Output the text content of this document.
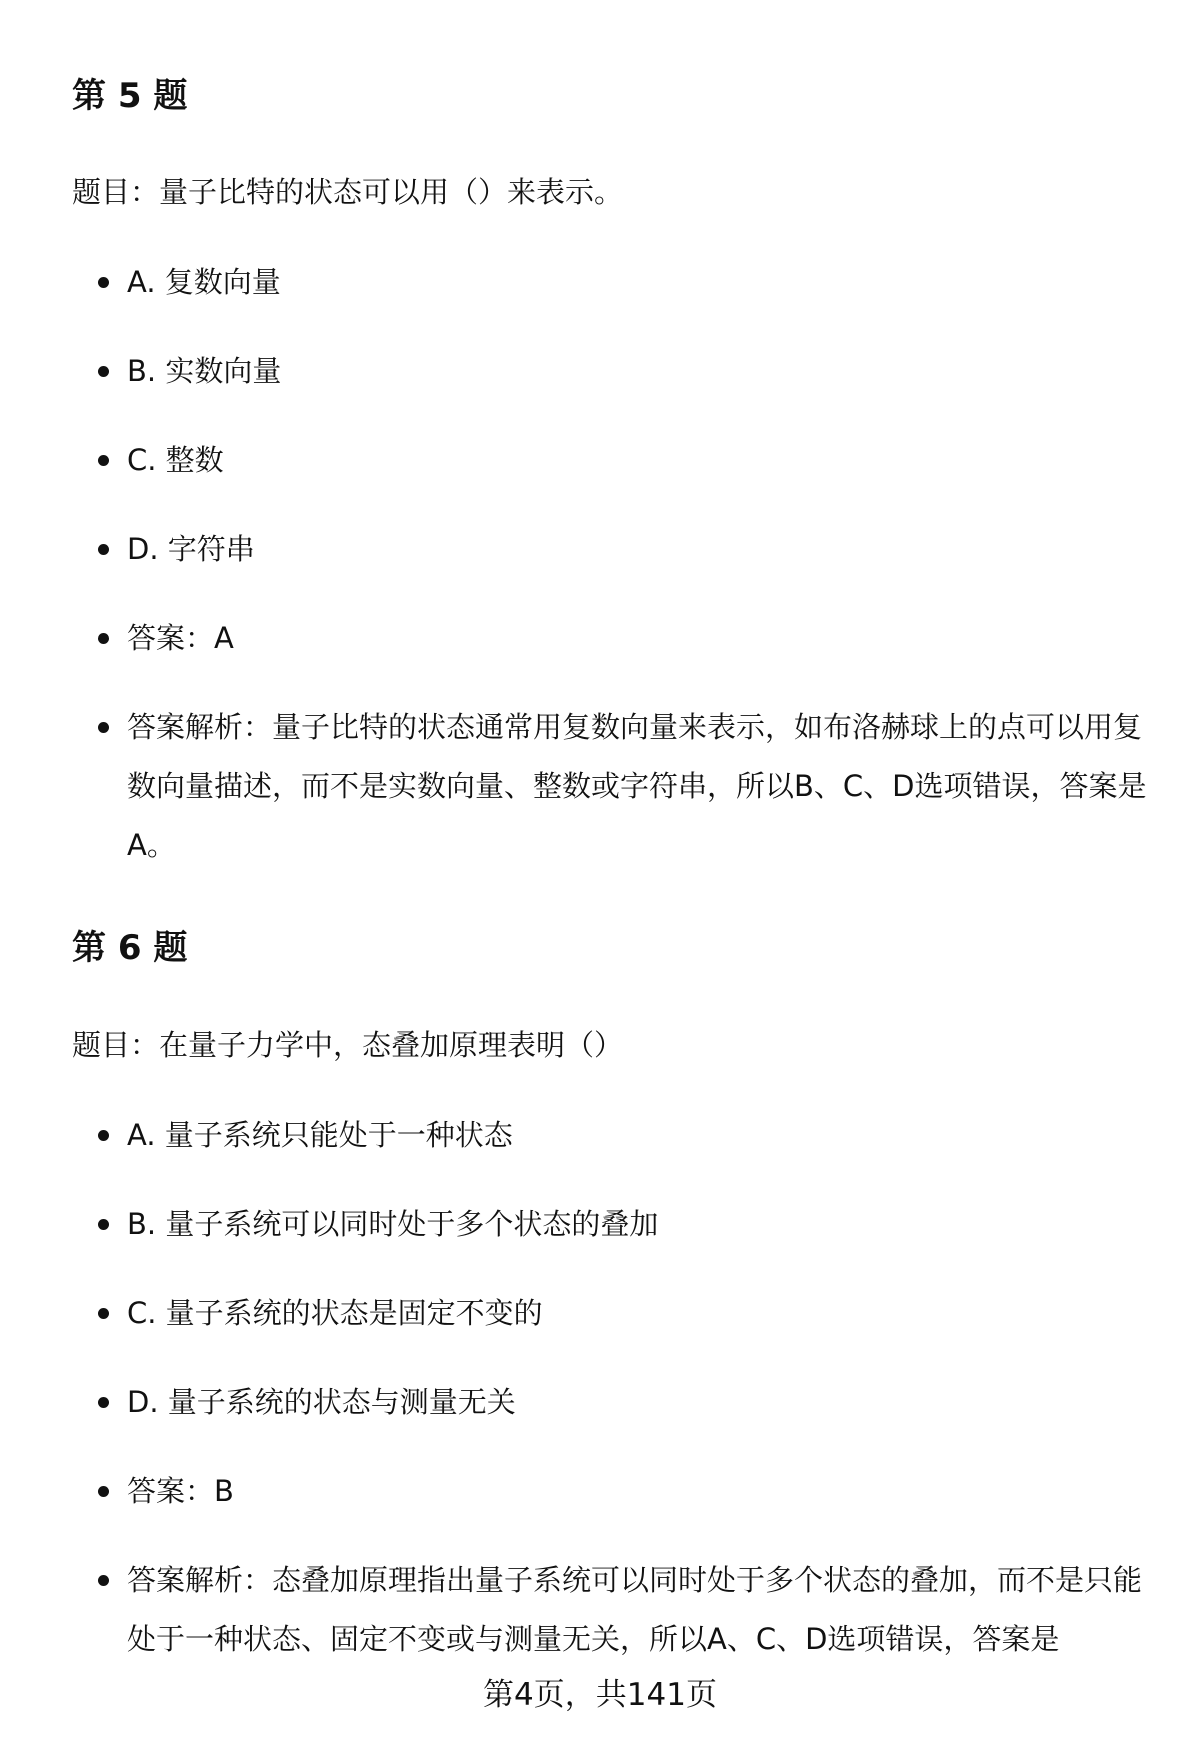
第 5 题

题目：量子比特的状态可以用（）来表示。

A. 复数向量
B. 实数向量
C. 整数
D. 字符串
答案：A
答案解析：量子比特的状态通常用复数向量来表示，如布洛赫球上的点可以用复数向量描述，而不是实数向量、整数或字符串，所以B、C、D选项错误，答案是A。
第 6 题

题目：在量子力学中，态叠加原理表明（）

A. 量子系统只能处于一种状态
B. 量子系统可以同时处于多个状态的叠加
C. 量子系统的状态是固定不变的
D. 量子系统的状态与测量无关
答案：B
答案解析：态叠加原理指出量子系统可以同时处于多个状态的叠加，而不是只能处于一种状态、固定不变或与测量无关，所以A、C、D选项错误，答案是

第4页，共141页
